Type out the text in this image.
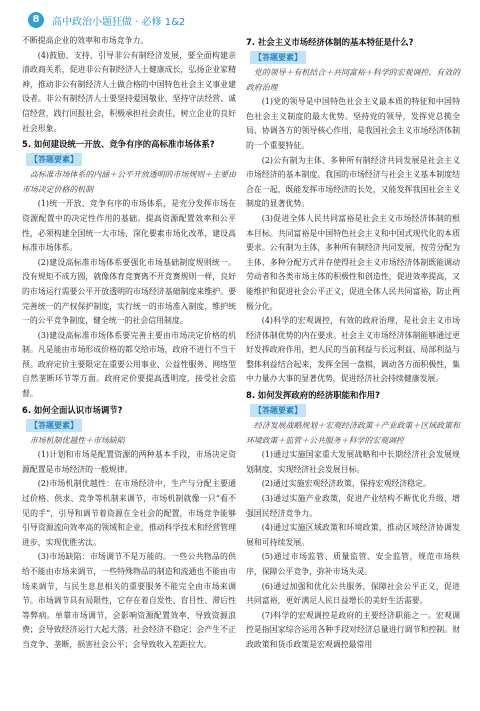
8	高中政治小题狂做 · 必修 1&2

不断提高企业的效率和市场竞争力。

(4)鼓励、支持、引导非公有制经济发展，要全面构建亲清政商关系，促进非公有制经济人士健康成长，弘扬企业家精神，推动非公有制经济人士做合格的中国特色社会主义事业建设者。非公有制经济人士要坚持爱国敬业、坚持守法经营、诚信经营，践行回报社会，积极承担社会责任，树立企业的良好社会形象。

5. 如何建设统一开放、竞争有序的高标准市场体系?
【答题要素】

高标准市场体系的内涵＋公平开放透明的市场规则＋主要由市场决定价格的机制

(1)统一开放、竞争有序的市场体系，是充分发挥市场在资源配置中的决定性作用的基础。提高资源配置效率和公平性，必须构建全国统一大市场，深化要素市场化改革，建设高标准市场体系。

(2)建设高标准市场体系要强化市场基础制度规则统一。没有规矩不成方圆，就像体育竞赛离不开竞赛规则一样，良好的市场运行需要公平开放透明的市场经济基础制度来维护。要完善统一的产权保护制度，实行统一的市场准入制度，维护统一的公平竞争制度，健全统一的社会信用制度。

(3)建设高标准市场体系要完善主要由市场决定价格的机制。凡是能由市场形成价格的都交给市场，政府不进行不当干预。政府定价主要限定在重要公用事业、公益性服务、网络型自然垄断环节等方面。政府定价要提高透明度，接受社会监督。

6. 如何全面认识市场调节?
【答题要素】

市场机制优越性＋市场缺陷

(1)计划和市场是配置资源的两种基本手段，市场决定资源配置是市场经济的一般规律。

(2)市场机制优越性：在市场经济中，生产与分配主要通过价格、供求、竞争等机制来调节，市场机制就像一只“看不见的手”，引导和调节着资源在全社会的配置，市场竞争能够引导资源流向效率高的领域和企业，推动科学技术和经营管理进步，实现优胜劣汰。

(3)市场缺陷：市场调节不是万能的。一些公共物品的供给不能由市场来调节，一些特殊物品的制造和流通也不能由市场来调节，与民生息息相关的重要服务不能完全由市场来调节。市场调节具有局限性，它存在着自发性、盲目性、滞后性等弊病。单靠市场调节，会影响资源配置效率，导致资源浪费；会导致经济运行大起大落，社会经济不稳定；会产生不正当竞争、垄断，损害社会公平；会导致收入差距拉大。

7. 社会主义市场经济体制的基本特征是什么?
【答题要素】

党的领导＋有机结合＋共同富裕＋科学的宏观调控、有效的政府治理

(1)党的领导是中国特色社会主义最本质的特征和中国特色社会主义制度的最大优势。坚持党的领导，发挥党总揽全局、协调各方的领导核心作用，是我国社会主义市场经济体制的一个重要特征。

(2)公有制为主体、多种所有制经济共同发展是社会主义市场经济的基本制度。我国的市场经济与社会主义基本制度结合在一起，既能发挥市场经济的长处，又能发挥我国社会主义制度的显著优势。

(3)促进全体人民共同富裕是社会主义市场经济体制的根本目标。共同富裕是中国特色社会主义和中国式现代化的本质要求。公有制为主体，多种所有制经济共同发展，按劳分配为主体、多种分配方式并存使得社会主义市场经济体制既能调动劳动者和各类市场主体的积极性和创造性，促进效率提高，又能维护和促进社会公平正义，促进全体人民共同富裕，防止两极分化。

(4)科学的宏观调控，有效的政府治理，是社会主义市场经济体制优势的内在要求。社会主义市场经济体制能够通过更好发挥政府作用，把人民的当前利益与长远利益、局部利益与整体利益结合起来，发挥全国一盘棋，调动各方面积极性，集中力量办大事的显著优势，促进经济社会持续健康发展。

8. 如何发挥政府的经济职能和作用?
【答题要素】

经济发展战略规划＋宏观经济政策＋产业政策＋区域政策和环境政策＋监管＋公共服务＋科学的宏观调控

(1)通过实施国家重大发展战略和中长期经济社会发展规划制度，实现经济社会发展目标。

(2)通过实施宏观经济政策，保持宏观经济稳定。

(3)通过实施产业政策，促进产业结构不断优化升级，增强国民经济竞争力。

(4)通过实施区域政策和环境政策，推动区域经济协调发展和可持续发展。

(5)通过市场监管、质量监管、安全监管，规范市场秩序，保障公平竞争，弥补市场失灵。

(6)通过加强和优化公共服务，保障社会公平正义，促进共同富裕，更好满足人民日益增长的美好生活需要。

(7)科学的宏观调控是政府的主要经济职能之一。宏观调控是指国家综合运用各种手段对经济总量进行调节和控制。财政政策和货币政策是宏观调控最常用
